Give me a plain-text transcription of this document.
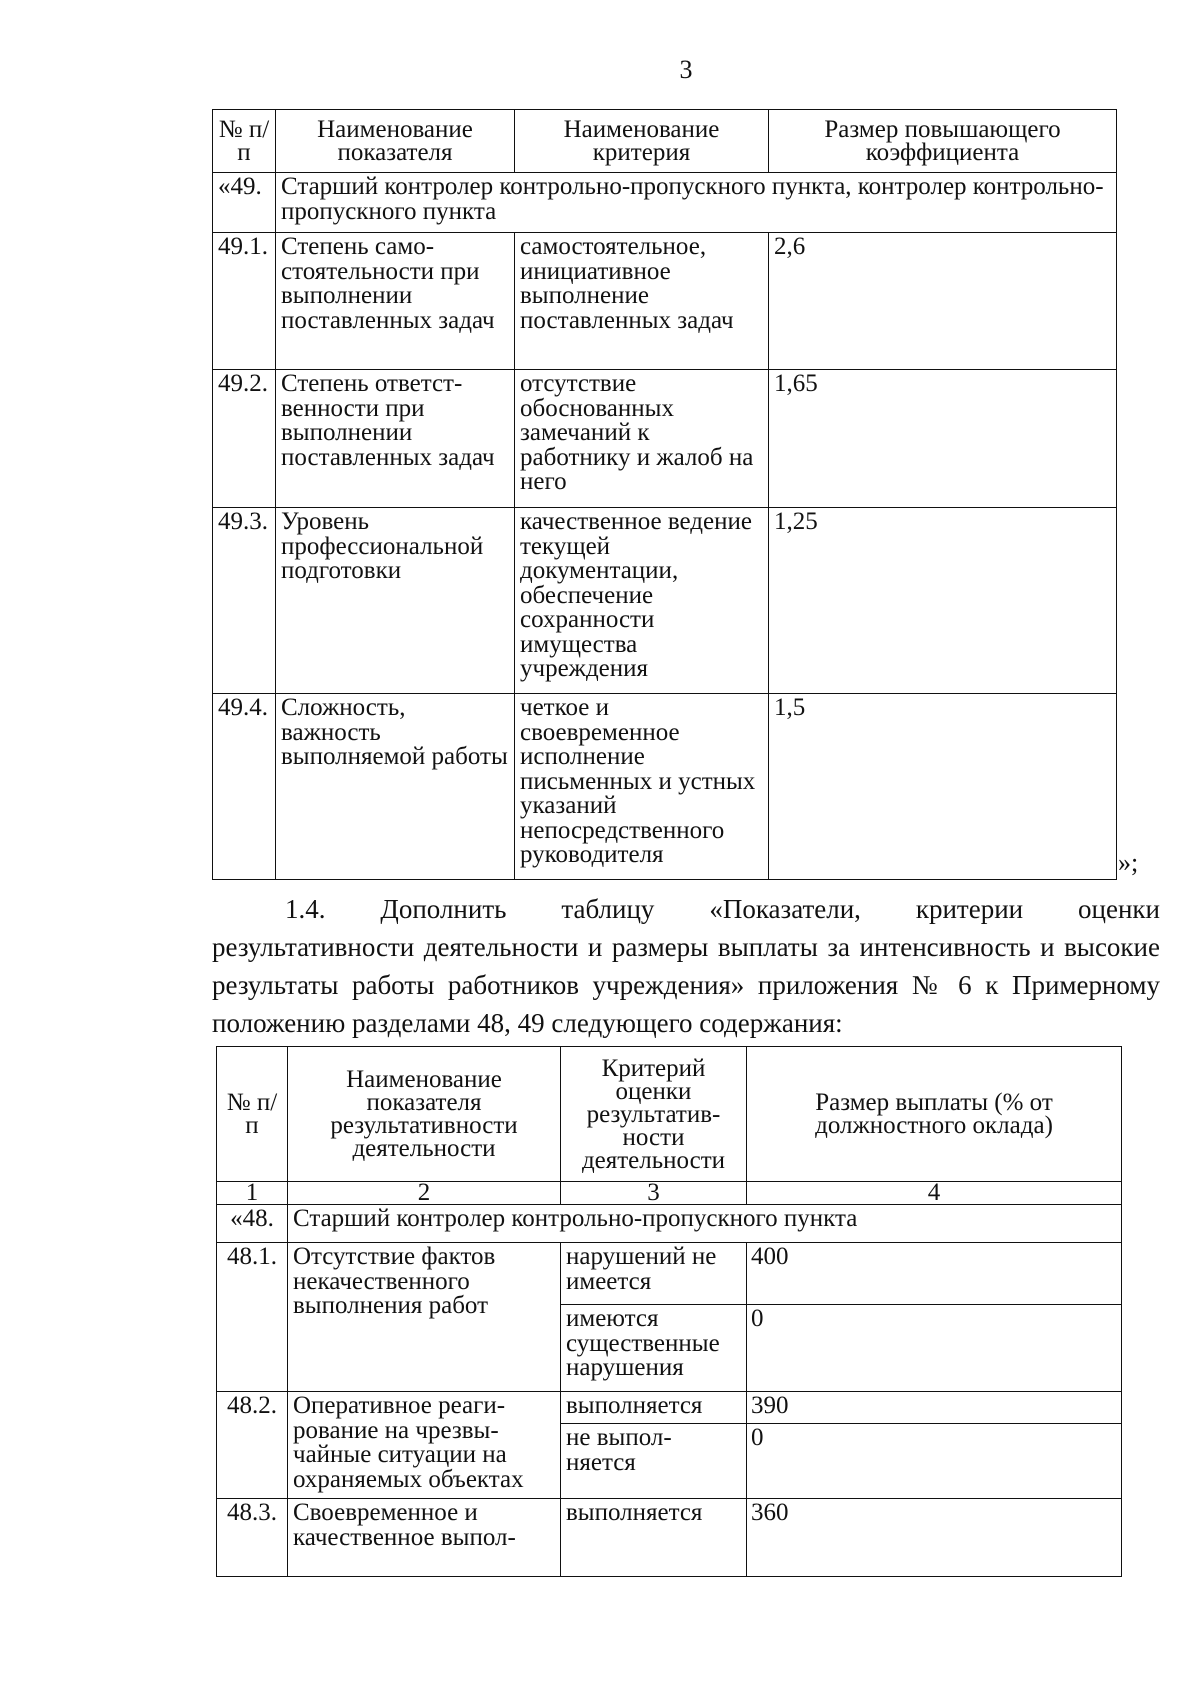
3
№ п/п	Наименование показателя	Наименование критерия	Размер повышающего коэффициента
«49.	Старший контролер контрольно-пропускного пункта, контролер контрольно-пропускного пункта		
49.1.	Степень само-стоятельности при выполнении поставленных задач	самостоятельное, инициативное выполнение поставленных задач	2,6
49.2.	Степень ответст-венности при выполнении поставленных задач	отсутствие обоснованных замечаний к работнику и жалоб на него	1,65
49.3.	Уровень профессиональной подготовки	качественное ведение текущей документации, обеспечение сохранности имущества учреждения	1,25
49.4.	Сложность, важность выполняемой работы	четкое и своевременное исполнение письменных и устных указаний непосредственного руководителя	1,5
»;
1.4. Дополнить таблицу «Показатели, критерии оценки
результативности деятельности и размеры выплаты за интенсивность и высокие результаты работы работников учреждения» приложения № 6 к Примерному положению разделами 48, 49 следующего содержания:
№ п/п	Наименование показателя результативности деятельности	Критерий оценки результатив-ности деятельности	Размер выплаты (% от должностного оклада)
1	2	3	4
«48.	Старший контролер контрольно-пропускного пункта		
48.1.	Отсутствие фактов некачественного выполнения работ	нарушений не имеется	400
		имеются существенные нарушения	0
48.2.	Оперативное реаги-рование на чрезвы-чайные ситуации на охраняемых объектах	выполняется	390
		не выпол-няется	0
48.3.	Своевременное и качественное выпол-	выполняется	360
